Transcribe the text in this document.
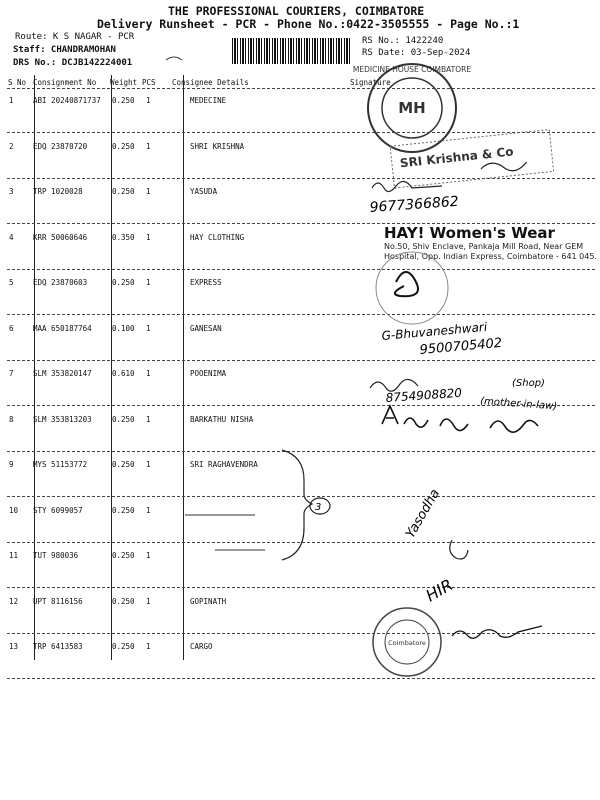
THE PROFESSIONAL COURIERS, COIMBATORE
Delivery Runsheet - PCR - Phone No.:0422-3505555 - Page No.:1
Route: K S NAGAR - PCR
Staff: CHANDRAMOHAN
DRS No.: DCJB142224001
RS No.: 1422240
RS Date: 03-Sep-2024
S No Consignment No Weight PCS Consignee Details	Signature
1	ABI 20240871737 0.250 1	MEDECINE
2	EDQ 23870720	0.250 1	SHRI KRISHNA
3	TRP 1020028	0.250 1	YASUDA
4	KRR 50060646	0.350 1	HAY CLOTHING
5	EDQ 23870603	0.250 1	EXPRESS
6	MAA 650187764	0.100 1	GANESAN
7	SLM 353820147	0.610 1	POOENIMA
8	SLM 353813203	0.250 1	BARKATHU NISHA
9	MYS 51153772	0.250 1	SRI RAGHAVENDRA
10 STY 6099057	0.250 1
11 TUT 980036	0.250 1
12 UPT 8116156	0.250 1	GOPINATH
13 TRP 6413583	0.250 1	CARGO
MH
MEDICINE HOUSE COIMBATORE
SRI Krishna & Co
9677366862
HAY! Women's Wear
No.50, Shiv Enclave, Pankaja Mill Road, Near GEM Hospital, Opp. Indian Express, Coimbatore - 641 045.
G-Bhuvaneshwari
9500705402
8754908820
(Shop)
(mother-in-law)
3	Yasodha
HIR
Coimbatore
